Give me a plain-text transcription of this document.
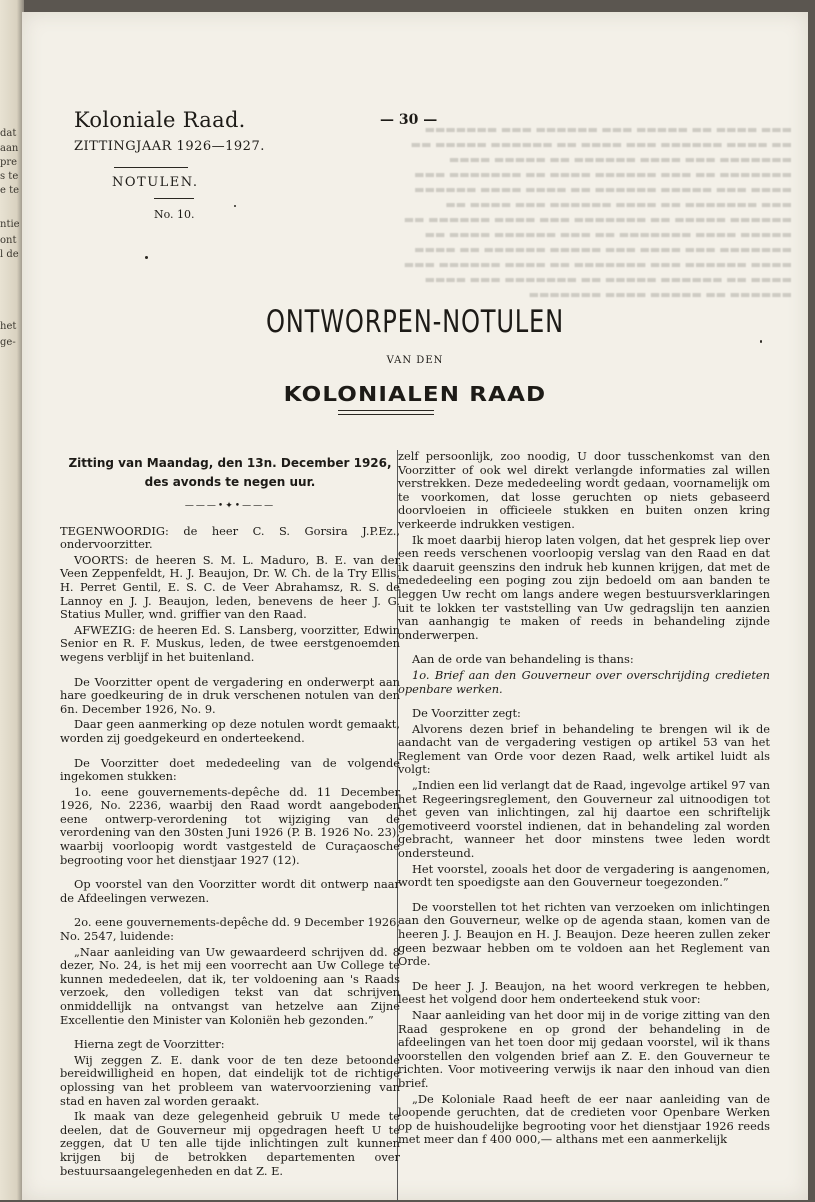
dat
aan
pre
s te
e te
ntie
ont
l de
het
ge-
▬▬▬ ▬▬▬▬ ▬▬ ▬▬▬▬▬ ▬▬▬ ▬▬▬▬▬▬ ▬▬▬ ▬▬▬▬▬▬▬ ▬▬ ▬▬▬▬ ▬▬▬▬▬▬ ▬▬▬ ▬▬▬▬ ▬▬ ▬▬▬▬▬▬ ▬▬▬▬▬ ▬▬ ▬▬▬▬▬▬▬ ▬▬▬ ▬▬▬▬ ▬▬▬▬▬▬ ▬▬ ▬▬▬▬▬ ▬▬▬▬ ▬▬▬▬▬▬▬ ▬▬ ▬▬▬ ▬▬▬▬▬▬ ▬▬▬▬ ▬▬ ▬▬▬▬▬▬▬ ▬▬▬ ▬▬▬▬ ▬▬▬ ▬▬▬▬▬ ▬▬▬▬▬▬ ▬▬ ▬▬▬▬ ▬▬▬▬ ▬▬▬▬▬▬ ▬▬▬ ▬▬▬▬▬▬▬ ▬▬ ▬▬▬▬ ▬▬▬▬▬▬ ▬▬▬ ▬▬▬▬ ▬▬ ▬▬▬▬▬▬ ▬▬▬▬▬ ▬▬ ▬▬▬▬▬▬▬ ▬▬▬ ▬▬▬▬ ▬▬▬▬▬▬ ▬▬ ▬▬▬▬▬ ▬▬▬▬ ▬▬▬▬▬▬▬ ▬▬ ▬▬▬ ▬▬▬▬▬▬ ▬▬▬▬ ▬▬ ▬▬▬▬▬▬▬ ▬▬▬ ▬▬▬▬ ▬▬▬ ▬▬▬▬▬ ▬▬▬▬▬▬ ▬▬ ▬▬▬▬ ▬▬▬▬ ▬▬▬▬▬▬ ▬▬▬ ▬▬▬▬▬▬▬ ▬▬ ▬▬▬▬ ▬▬▬▬▬▬ ▬▬▬ ▬▬▬▬ ▬▬ ▬▬▬▬▬▬ ▬▬▬▬▬ ▬▬ ▬▬▬▬▬▬▬ ▬▬▬ ▬▬▬▬ ▬▬▬▬▬▬ ▬▬ ▬▬▬▬▬ ▬▬▬▬ ▬▬▬▬▬▬▬
Koloniale Raad.
ZITTINGJAAR 1926—1927.
— 30 —
NOTULEN.
No. 10.
ONTWORPEN-NOTULEN
VAN DEN
KOLONIALEN RAAD
Zitting van Maandag, den 13n. December 1926,
des avonds te negen uur.
———•✦•———

TEGENWOORDIG: de heer C. S. Gorsira J.P.Ez., ondervoorzitter.

VOORTS: de heeren S. M. L. Maduro, B. E. van der Veen Zeppenfeldt, H. J. Beaujon, Dr. W. Ch. de la Try Ellis, H. Perret Gentil, E. S. C. de Veer Abrahamsz, R. S. de Lannoy en J. J. Beaujon, leden, benevens de heer J. G. Statius Muller, wnd. griffier van den Raad.

AFWEZIG: de heeren Ed. S. Lansberg, voorzitter, Edwin Senior en R. F. Muskus, leden, de twee eerstgenoemden wegens verblijf in het buitenland.

De Voorzitter opent de vergadering en onderwerpt aan hare goedkeuring de in druk verschenen notulen van den 6n. December 1926, No. 9.

Daar geen aanmerking op deze notulen wordt gemaakt, worden zij goedgekeurd en onderteekend.

De Voorzitter doet mededeeling van de volgende ingekomen stukken:

1o. eene gouvernements-depêche dd. 11 December 1926, No. 2236, waarbij den Raad wordt aangeboden eene ontwerp-verordening tot wijziging van de verordening van den 30sten Juni 1926 (P. B. 1926 No. 23), waarbij voorloopig wordt vastgesteld de Curaçaosche begrooting voor het dienstjaar 1927 (12).

Op voorstel van den Voorzitter wordt dit ontwerp naar de Afdeelingen verwezen.

2o. eene gouvernements-depêche dd. 9 December 1926, No. 2547, luidende:

„Naar aanleiding van Uw gewaardeerd schrijven dd. 8 dezer, No. 24, is het mij een voorrecht aan Uw College te kunnen mededeelen, dat ik, ter voldoening aan 's Raads verzoek, den volledigen tekst van dat schrijven onmiddellijk na ontvangst van hetzelve aan Zijne Excellentie den Minister van Koloniën heb gezonden.”

Hierna zegt de Voorzitter:

Wij zeggen Z. E. dank voor de ten deze betoonde bereidwilligheid en hopen, dat eindelijk tot de richtige oplossing van het probleem van watervoorziening van stad en haven zal worden geraakt.

Ik maak van deze gelegenheid gebruik U mede te deelen, dat de Gouverneur mij opgedragen heeft U te zeggen, dat U ten alle tijde inlichtingen zult kunnen krijgen bij de betrokken departementen over bestuursaangelegenheden en dat Z. E.

zelf persoonlijk, zoo noodig, U door tusschenkomst van den Voorzitter of ook wel direkt verlangde informaties zal willen verstrekken. Deze mededeeling wordt gedaan, voornamelijk om te voorkomen, dat losse geruchten op niets gebaseerd doorvloeien in officieele stukken en buiten onzen kring verkeerde indrukken vestigen.

Ik moet daarbij hierop laten volgen, dat het gesprek liep over een reeds verschenen voorloopig verslag van den Raad en dat ik daaruit geenszins den indruk heb kunnen krijgen, dat met de mededeeling een poging zou zijn bedoeld om aan banden te leggen Uw recht om langs andere wegen bestuursverklaringen uit te lokken ter vaststelling van Uw gedragslijn ten aanzien van aanhangig te maken of reeds in behandeling zijnde onderwerpen.

Aan de orde van behandeling is thans:

1o. Brief aan den Gouverneur over overschrijding credieten openbare werken.

De Voorzitter zegt:

Alvorens dezen brief in behandeling te brengen wil ik de aandacht van de vergadering vestigen op artikel 53 van het Reglement van Orde voor dezen Raad, welk artikel luidt als volgt:

„Indien een lid verlangt dat de Raad, ingevolge artikel 97 van het Regeeringsreglement, den Gouverneur zal uitnoodigen tot het geven van inlichtingen, zal hij daartoe een schriftelijk gemotiveerd voorstel indienen, dat in behandeling zal worden gebracht, wanneer het door minstens twee leden wordt ondersteund.

Het voorstel, zooals het door de vergadering is aangenomen, wordt ten spoedigste aan den Gouverneur toegezonden.”

De voorstellen tot het richten van verzoeken om inlichtingen aan den Gouverneur, welke op de agenda staan, komen van de heeren J. J. Beaujon en H. J. Beaujon. Deze heeren zullen zeker geen bezwaar hebben om te voldoen aan het Reglement van Orde.

De heer J. J. Beaujon, na het woord verkregen te hebben, leest het volgend door hem onderteekend stuk voor:

Naar aanleiding van het door mij in de vorige zitting van den Raad gesprokene en op grond der behandeling in de afdeelingen van het toen door mij gedaan voorstel, wil ik thans voorstellen den volgenden brief aan Z. E. den Gouverneur te richten. Voor motiveering verwijs ik naar den inhoud van dien brief.

„De Koloniale Raad heeft de eer naar aanleiding van de loopende geruchten, dat de credieten voor Openbare Werken op de huishoudelijke begrooting voor het dienstjaar 1926 reeds met meer dan f 400 000,— althans met een aanmerkelijk
